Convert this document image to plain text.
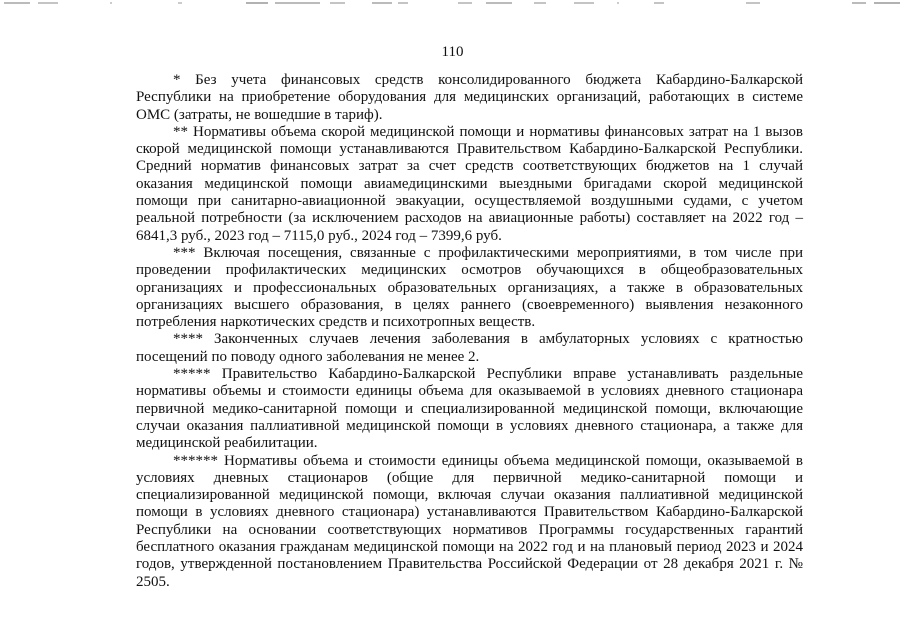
110

* Без учета финансовых средств консолидированного бюджета Кабардино-Балкарской Республики на приобретение оборудования для медицинских организаций, работающих в системе ОМС (затраты, не вошедшие в тариф).

** Нормативы объема скорой медицинской помощи и нормативы финансовых затрат на 1 вызов скорой медицинской помощи устанавливаются Правительством Кабардино-Балкарской Республики. Средний норматив финансовых затрат за счет средств соответствующих бюджетов на 1 случай оказания медицинской помощи авиамедицинскими выездными бригадами скорой медицинской помощи при санитарно-авиационной эвакуации, осуществляемой воздушными судами, с учетом реальной потребности (за исключением расходов на авиационные работы) составляет на 2022 год – 6841,3 руб., 2023 год – 7115,0 руб., 2024 год – 7399,6 руб.

*** Включая посещения, связанные с профилактическими мероприятиями, в том числе при проведении профилактических медицинских осмотров обучающихся в общеобразовательных организациях и профессиональных образовательных организациях, а также в образовательных организациях высшего образования, в целях раннего (своевременного) выявления незаконного потребления наркотических средств и психотропных веществ.

**** Законченных случаев лечения заболевания в амбулаторных условиях с кратностью посещений по поводу одного заболевания не менее 2.

***** Правительство Кабардино-Балкарской Республики вправе устанавливать раздельные нормативы объемы и стоимости единицы объема для оказываемой в условиях дневного стационара первичной медико-санитарной помощи и специализированной медицинской помощи, включающие случаи оказания паллиативной медицинской помощи в условиях дневного стационара, а также для медицинской реабилитации.

****** Нормативы объема и стоимости единицы объема медицинской помощи, оказываемой в условиях дневных стационаров (общие для первичной медико-санитарной помощи и специализированной медицинской помощи, включая случаи оказания паллиативной медицинской помощи в условиях дневного стационара) устанавливаются Правительством Кабардино-Балкарской Республики на основании соответствующих нормативов Программы государственных гарантий бесплатного оказания гражданам медицинской помощи на 2022 год и на плановый период 2023 и 2024 годов, утвержденной постановлением Правительства Российской Федерации от 28 декабря 2021 г. № 2505.
